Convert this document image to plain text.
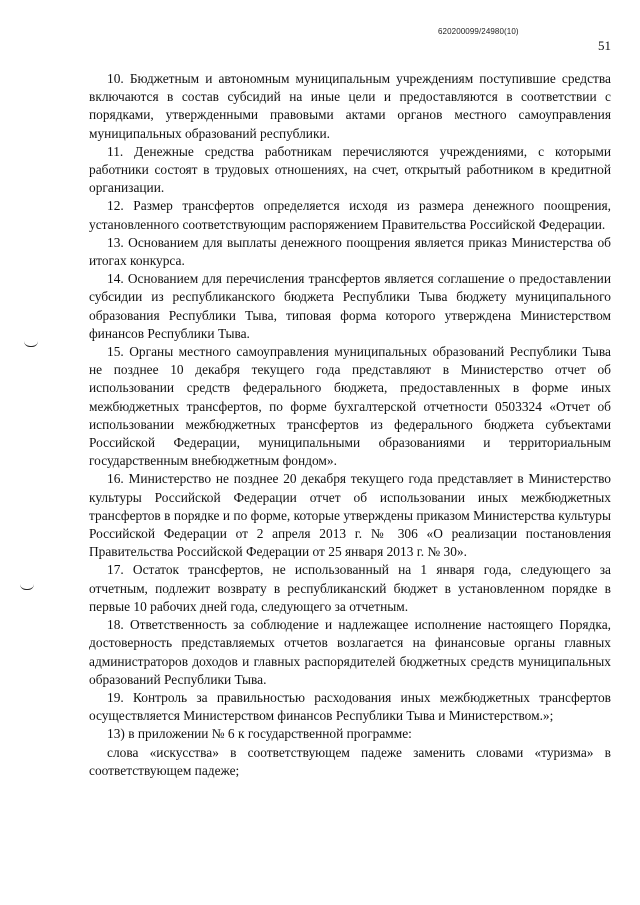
620200099/24980(10)
51

10. Бюджетным и автономным муниципальным учреждениям поступившие средства включаются в состав субсидий на иные цели и предоставляются в соответствии с порядками, утвержденными правовыми актами органов местного самоуправления муниципальных образований республики.

11. Денежные средства работникам перечисляются учреждениями, с которыми работники состоят в трудовых отношениях, на счет, открытый работником в кредитной организации.

12. Размер трансфертов определяется исходя из размера денежного поощрения, установленного соответствующим распоряжением Правительства Российской Федерации.

13. Основанием для выплаты денежного поощрения является приказ Министерства об итогах конкурса.

14. Основанием для перечисления трансфертов является соглашение о предоставлении субсидии из республиканского бюджета Республики Тыва бюджету муниципального образования Республики Тыва, типовая форма которого утверждена Министерством финансов Республики Тыва.

15. Органы местного самоуправления муниципальных образований Республики Тыва не позднее 10 декабря текущего года представляют в Министерство отчет об использовании средств федерального бюджета, предоставленных в форме иных межбюджетных трансфертов, по форме бухгалтерской отчетности 0503324 «Отчет об использовании межбюджетных трансфертов из федерального бюджета субъектами Российской Федерации, муниципальными образованиями и территориальным государственным внебюджетным фондом».

16. Министерство не позднее 20 декабря текущего года представляет в Министерство культуры Российской Федерации отчет об использовании иных межбюджетных трансфертов в порядке и по форме, которые утверждены приказом Министерства культуры Российской Федерации от 2 апреля 2013 г. № 306 «О реализации постановления Правительства Российской Федерации от 25 января 2013 г. № 30».

17. Остаток трансфертов, не использованный на 1 января года, следующего за отчетным, подлежит возврату в республиканский бюджет в установленном порядке в первые 10 рабочих дней года, следующего за отчетным.

18. Ответственность за соблюдение и надлежащее исполнение настоящего Порядка, достоверность представляемых отчетов возлагается на финансовые органы главных администраторов доходов и главных распорядителей бюджетных средств муниципальных образований Республики Тыва.

19. Контроль за правильностью расходования иных межбюджетных трансфертов осуществляется Министерством финансов Республики Тыва и Министерством.»;

13) в приложении № 6 к государственной программе:

слова «искусства» в соответствующем падеже заменить словами «туризма» в соответствующем падеже;
